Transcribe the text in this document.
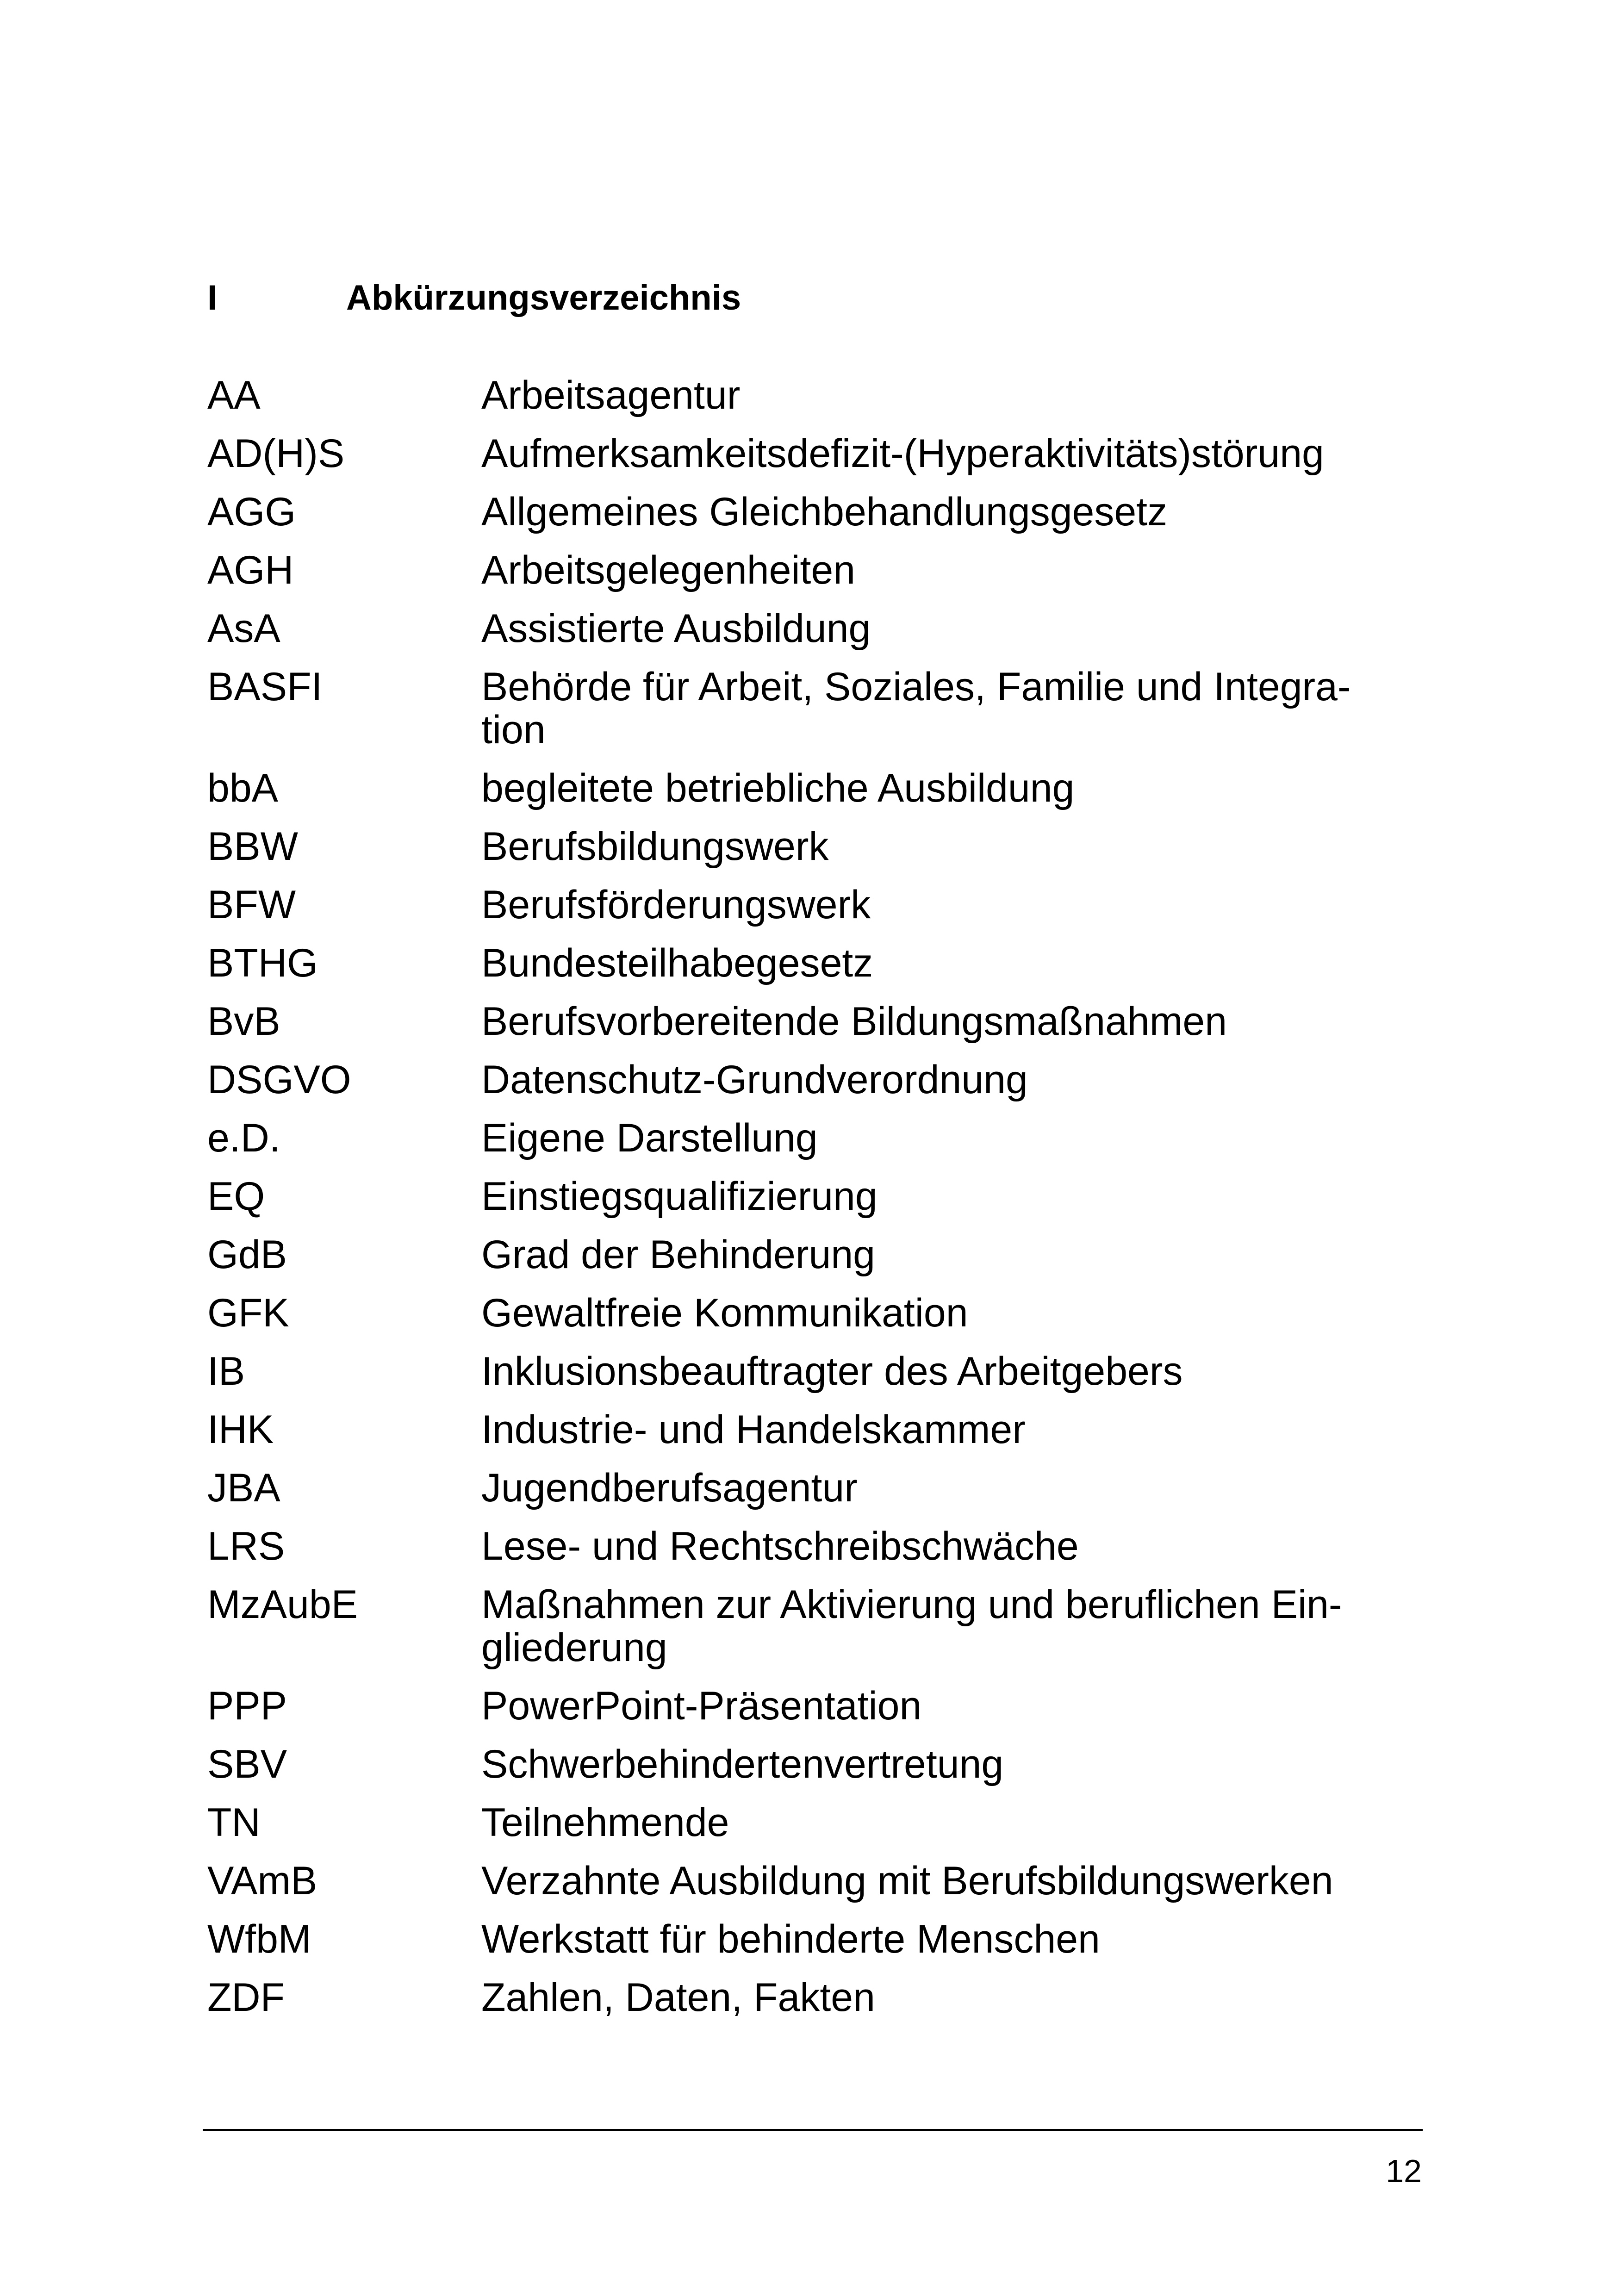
I	Abkürzungsverzeichnis
AA	Arbeitsagentur
AD(H)S	Aufmerksamkeitsdefizit-(Hyperaktivitäts)störung
AGG	Allgemeines Gleichbehandlungsgesetz
AGH	Arbeitsgelegenheiten
AsA	Assistierte Ausbildung
BASFI	Behörde für Arbeit, Soziales, Familie und Integra-
tion
bbA	begleitete betriebliche Ausbildung
BBW	Berufsbildungswerk
BFW	Berufsförderungswerk
BTHG	Bundesteilhabegesetz
BvB	Berufsvorbereitende Bildungsmaßnahmen
DSGVO	Datenschutz-Grundverordnung
e.D.	Eigene Darstellung
EQ	Einstiegsqualifizierung
GdB	Grad der Behinderung
GFK	Gewaltfreie Kommunikation
IB	Inklusionsbeauftragter des Arbeitgebers
IHK	Industrie- und Handelskammer
JBA	Jugendberufsagentur
LRS	Lese- und Rechtschreibschwäche
MzAubE	Maßnahmen zur Aktivierung und beruflichen Ein-
gliederung
PPP	PowerPoint-Präsentation
SBV	Schwerbehindertenvertretung
TN	Teilnehmende
VAmB	Verzahnte Ausbildung mit Berufsbildungswerken
WfbM	Werkstatt für behinderte Menschen
ZDF	Zahlen, Daten, Fakten
12
